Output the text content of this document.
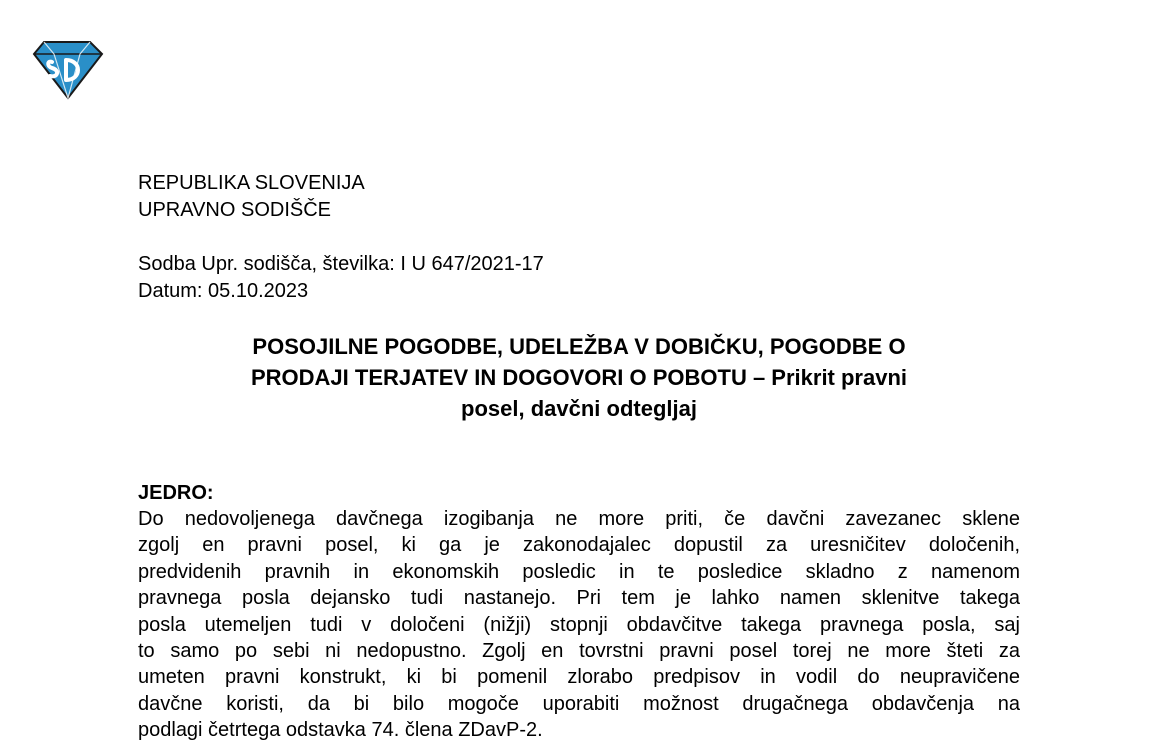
REPUBLIKA SLOVENIJA
UPRAVNO SODIŠČE
Sodba Upr. sodišča, številka: I U 647/2021-17
Datum: 05.10.2023
POSOJILNE POGODBE, UDELEŽBA V DOBIČKU, POGODBE O
PRODAJI TERJATEV IN DOGOVORI O POBOTU – Prikrit pravni
posel, davčni odtegljaj
JEDRO:
Do nedovoljenega davčnega izogibanja ne more priti, če davčni zavezanec sklene
zgolj en pravni posel, ki ga je zakonodajalec dopustil za uresničitev določenih,
predvidenih pravnih in ekonomskih posledic in te posledice skladno z namenom
pravnega posla dejansko tudi nastanejo. Pri tem je lahko namen sklenitve takega
posla utemeljen tudi v določeni (nižji) stopnji obdavčitve takega pravnega posla, saj
to samo po sebi ni nedopustno. Zgolj en tovrstni pravni posel torej ne more šteti za
umeten pravni konstrukt, ki bi pomenil zlorabo predpisov in vodil do neupravičene
davčne koristi, da bi bilo mogoče uporabiti možnost drugačnega obdavčenja na
podlagi četrtega odstavka 74. člena ZDavP-2.
